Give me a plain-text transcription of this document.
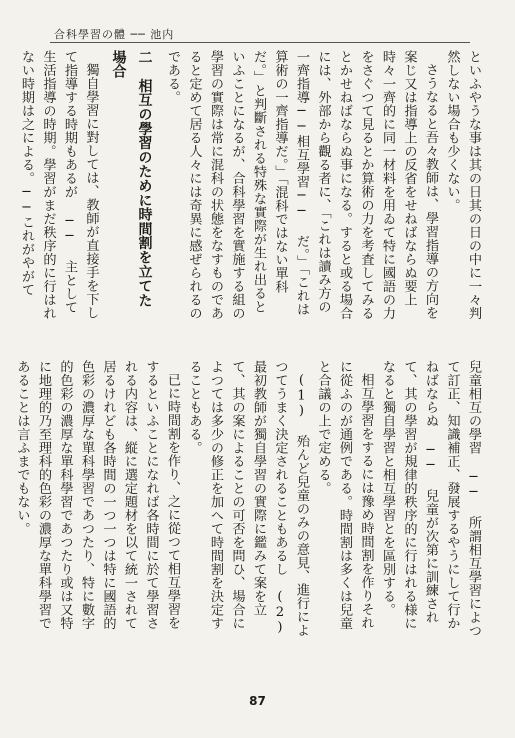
合科學習の體 ── 池内

といふやうな事は其の日其の日の中に一々判然しない場合も少くない。

さうなると吾々教師は、學習指導の方向を案じ又は指導上の反省をせねばならぬ要上時々一齊的に同一材料を用ゐて特に國語の力をさぐつて見るとか算術の力を考査してみるとかせねばならぬ事になる。すると或る場合には、外部から觀る者に、「これは讀み方の一齊指導──相互學習── だ。」「これは算術の一齊指導だ。」「混科ではない單科だ。」と判斷される特殊な實際が生れ出るといふことになるが、合科學習を實施する組の學習の實際は常に混科の状態をなすものであると定めて居る人々には奇異に感ぜられるのである。

二　相互の學習のために時間割を立てた場合

獨自學習に對しては、教師が直接手を下して指導する時期もあるが ── 主として生活指導の時期。學習がまだ秩序的に行はれない時期は之による。──これがやがて

兒童相互の學習 ── 所謂相互學習によつて訂正、知識補正、發展するやうにして行かねばならぬ ── 兒童が次第に訓練されて、其の學習が規律的秩序的に行はれる様になると獨自學習と相互學習とを區別する。

相互學習をするには豫め時間割を作りそれに從ふのが通例である。時間割は多くは兒童と合議の上で定める。

(1) 殆んど兒童のみの意見、進行によつてうまく決定されることもあるし　(2) 最初教師が獨自學習の實際に鑑みて案を立て、其の案によることの可否を問ひ、場合によつては多少の修正を加へて時間割を決定することもある。

已に時間割を作り、之に從つて相互學習をするといふことになれば各時間に於て學習される内容は、縦に選定題材を以て統一されて居るけれども各時間の一つ一つは特に國語的色彩の濃厚な單科學習であつたり、特に數字的色彩の濃厚な單科學習であつたり或は又特に地理的乃至理科的色彩の濃厚な單科學習であることは言ふまでもない。

87
